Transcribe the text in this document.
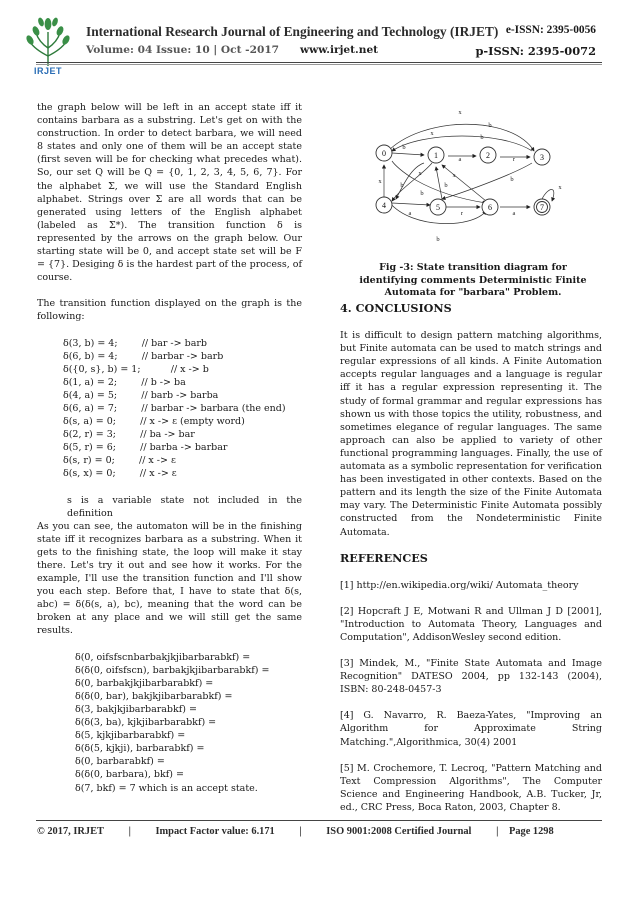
IRJET
International Research Journal of Engineering and Technology (IRJET) e-ISSN: 2395-0056
Volume: 04 Issue: 10 | Oct -2017 www.irjet.net	p-ISSN: 2395-0072

the graph below will be left in an accept state iff it contains barbara as a substring. Let's get on with the construction. In order to detect barbara, we will need 8 states and only one of them will be an accept state (first seven will be for checking what precedes what). So, our set Q will be Q = {0, 1, 2, 3, 4, 5, 6, 7}. For the alphabet Σ, we will use the Standard English alphabet. Strings over Σ are all words that can be generated using letters of the English alphabet (labeled as Σ*). The transition function δ is represented by the arrows on the graph below. Our starting state will be 0, and accept state set will be F = {7}. Desiging δ is the hardest part of the process, of course.

The transition function displayed on the graph is the following:

δ(3, b) = 4;        // bar -> barb
δ(6, b) = 4;        // barbar -> barb
δ({0, s}, b) = 1;          // x -> b
δ(1, a) = 2;        // b -> ba
δ(4, a) = 5;        // barb -> barba
δ(6, a) = 7;        // barbar -> barbara (the end)
δ(s, a) = 0;        // x -> ε (empty word)
δ(2, r) = 3;        // ba -> bar
δ(5, r) = 6;        // barba -> barbar
δ(s, r) = 0;        // x -> ε
δ(s, x) = 0;        // x -> ε

s is a variable state not included in the definition

As you can see, the automaton will be in the finishing state iff it recognizes barbara as a substring. When it gets to the finishing state, the loop will make it stay there. Let's try it out and see how it works. For the example, I'll use the transition function and I'll show you each step. Before that, I have to state that δ(s, abc) = δ(δ(s, a), bc), meaning that the word can be broken at any place and we will still get the same results.

δ(0, oifsfscnbarbakjkjibarbarabkf) =
δ(δ(0, oifsfscn), barbakjkjibarbarabkf) =
δ(0, barbakjkjibarbarabkf) =
δ(δ(0, bar), bakjkjibarbarabkf) =
δ(3, bakjkjibarbarabkf) =
δ(δ(3, ba), kjkjibarbarabkf) =
δ(5, kjkjibarbarabkf) =
δ(δ(5, kjkji), barbarabkf) =
δ(0, barbarabkf) =
δ(δ(0, barbara), bkf) =
δ(7, bkf) = 7 which is an accept state.
0	1	2	3
4	5	6	7
x
b
x
b
b
a	r
x
x
b
x
b
b
a	r	a
x
b
b
Fig -3: State transition diagram for identifying comments Deterministic Finite Automata for "barbara" Problem.
4. CONCLUSIONS

It is difficult to design pattern matching algorithms, but Finite automata can be used to match strings and regular expressions of all kinds. A Finite Automation accepts regular languages and a language is regular iff it has a regular expression representing it. The study of formal grammar and regular expressions has shown us with those topics the utility, robustness, and sometimes elegance of regular languages. The same approach can also be applied to variety of other functional programming languages. Finally, the use of automata as a symbolic representation for verification has been investigated in other contexts. Based on the pattern and its length the size of the Finite Automata may vary. The Deterministic Finite Automata possibly constructed from the Nondeterministic Finite Automata.

REFERENCES

[1] http://en.wikipedia.org/wiki/ Automata_theory

[2] Hopcraft J E, Motwani R and Ullman J D [2001], "Introduction to Automata Theory, Languages and Computation", AddisonWesley second edition.

[3] Mindek, M., "Finite State Automata and Image Recognition" DATESO 2004, pp 132-143 (2004), ISBN: 80-248-0457-3

[4] G. Navarro, R. Baeza-Yates, "Improving an Algorithm for Approximate String Matching.",Algorithmica, 30(4) 2001

[5] M. Crochemore, T. Lecroq, "Pattern Matching and Text Compression Algorithms", The Computer Science and Engineering Handbook, A.B. Tucker, Jr, ed., CRC Press, Boca Raton, 2003, Chapter 8.

© 2017, IRJET | Impact Factor value: 6.171 | ISO 9001:2008 Certified Journal | Page 1298
